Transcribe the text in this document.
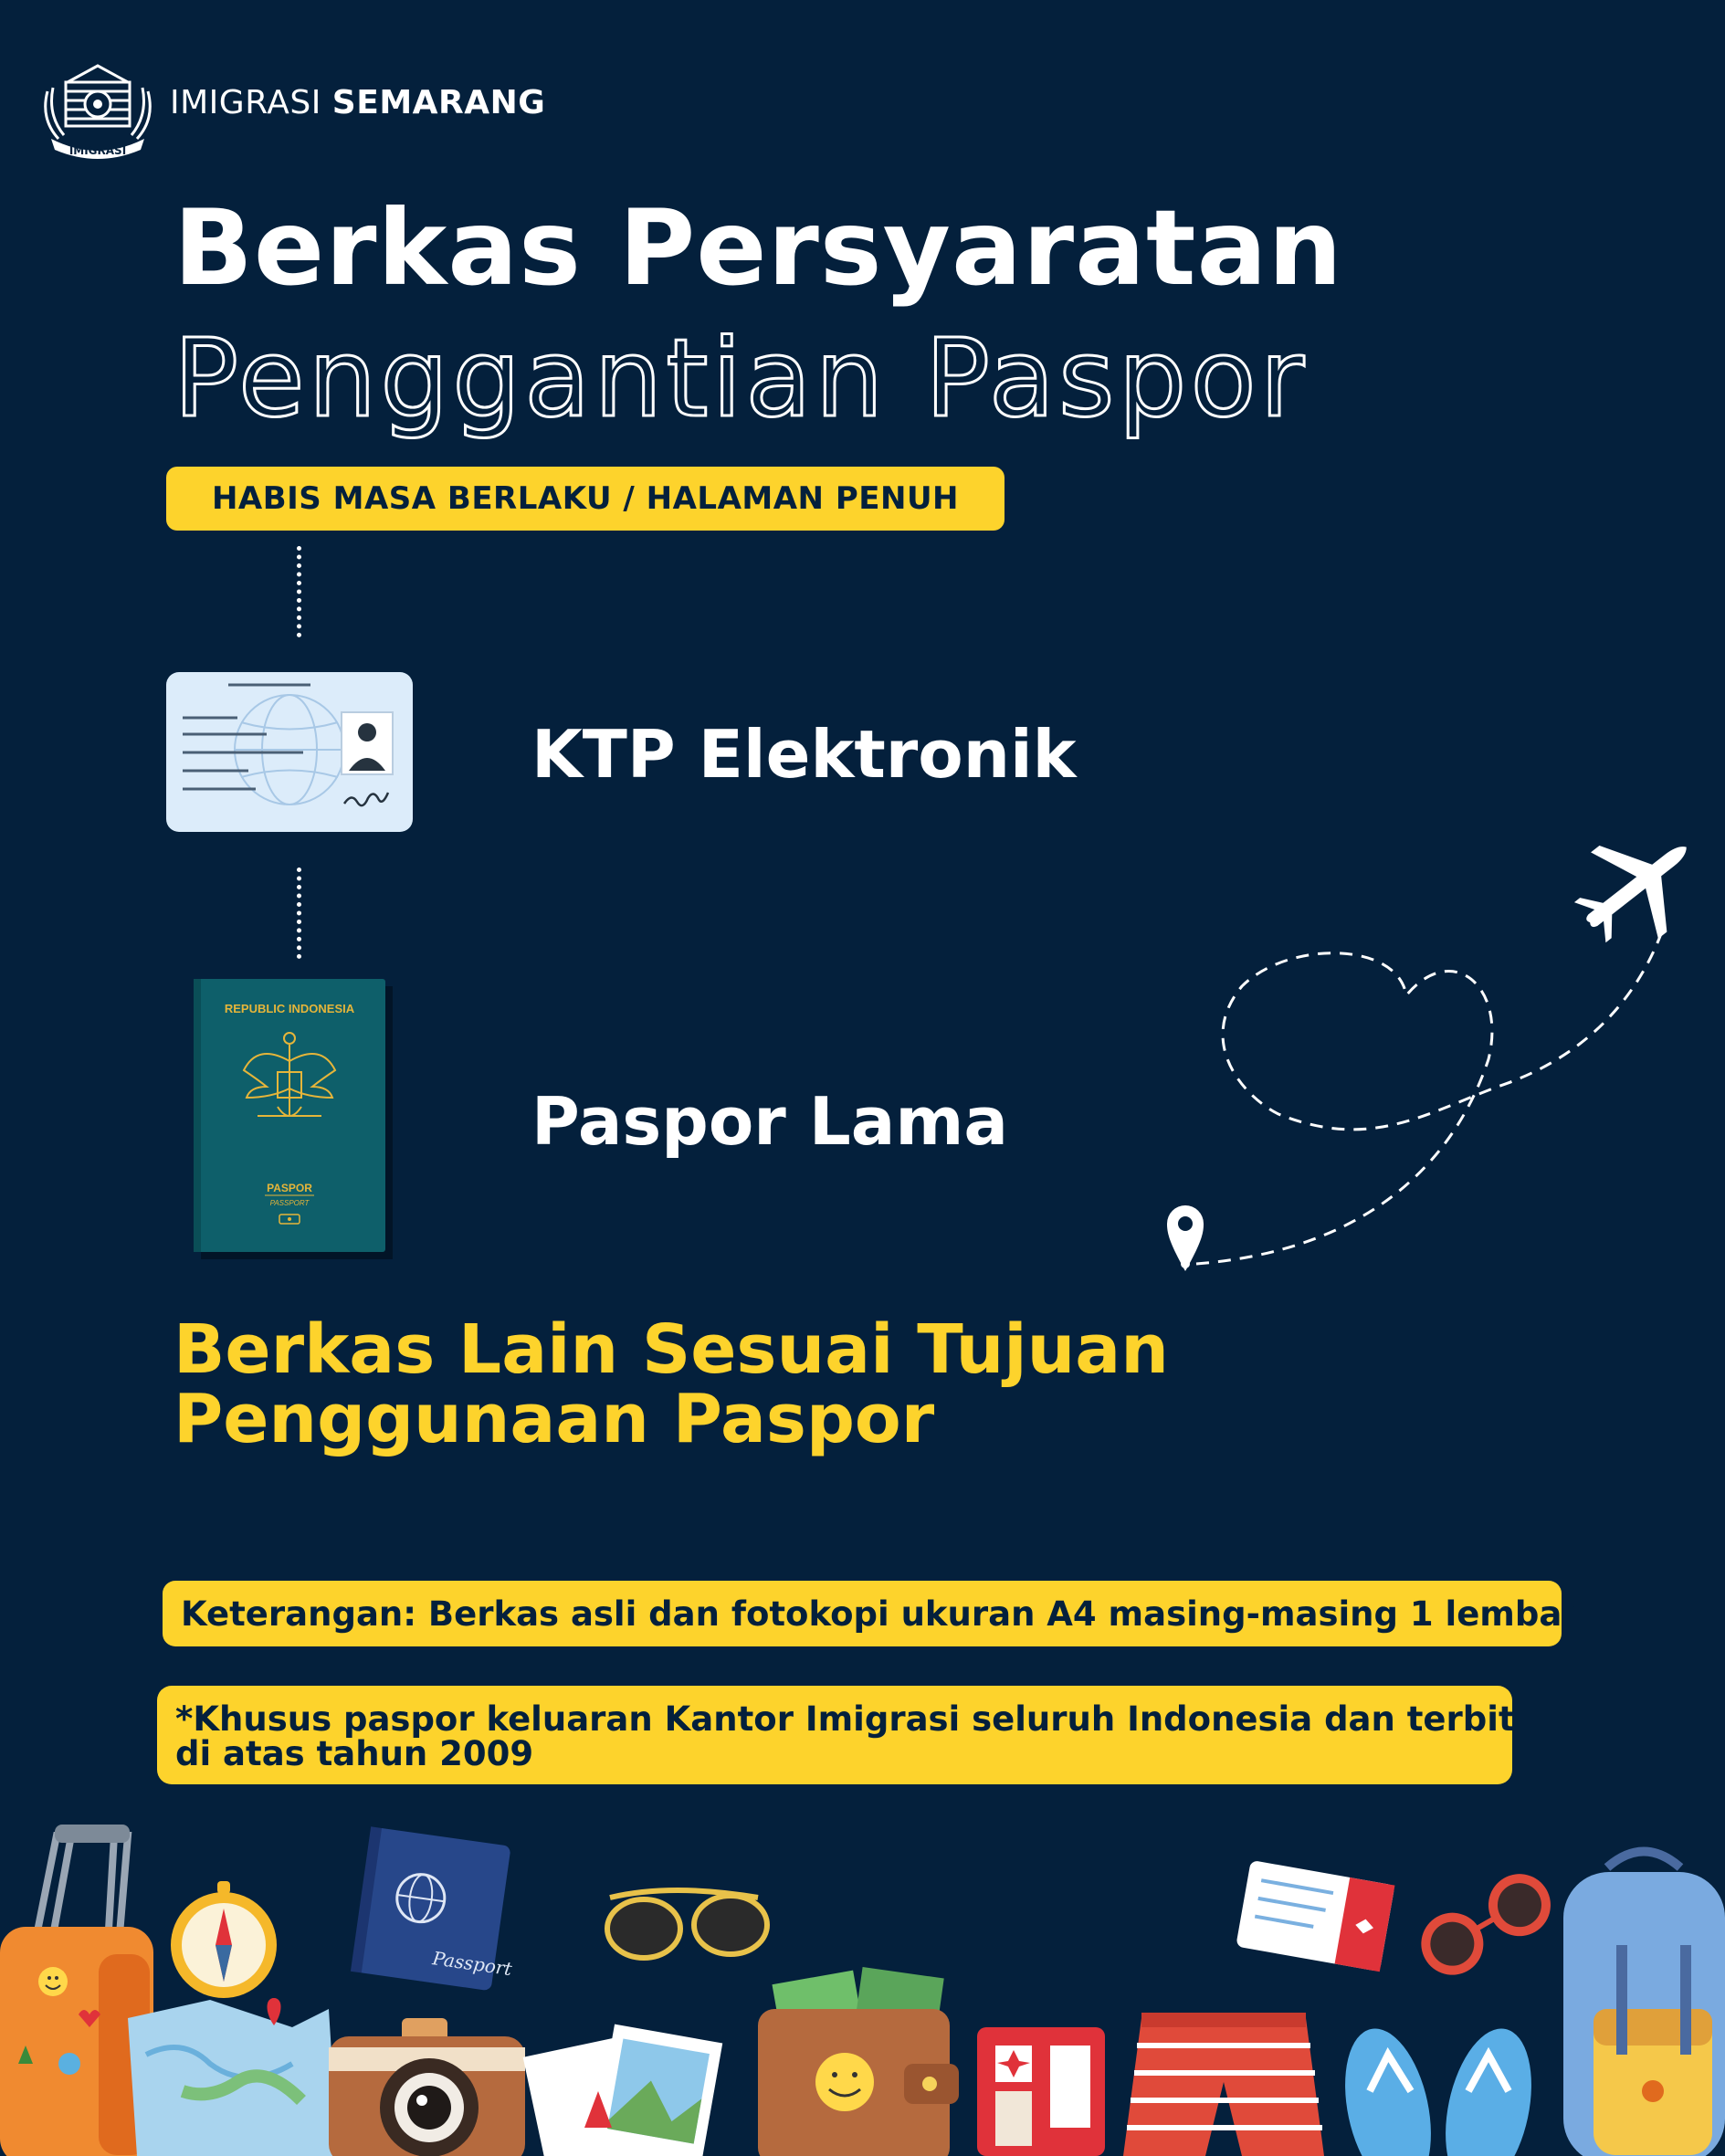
IMIGRASI
IMIGRASI SEMARANG
Berkas Persyaratan
Penggantian Paspor
HABIS MASA BERLAKU / HALAMAN PENUH
KTP Elektronik
REPUBLIC INDONESIA
PASPOR
PASSPORT
Paspor Lama
Berkas Lain Sesuai Tujuan
Penggunaan Paspor
Keterangan: Berkas asli dan fotokopi ukuran A4 masing-masing 1 lembar
*Khusus paspor keluaran Kantor Imigrasi seluruh Indonesia dan terbit
di atas tahun 2009
Passport
